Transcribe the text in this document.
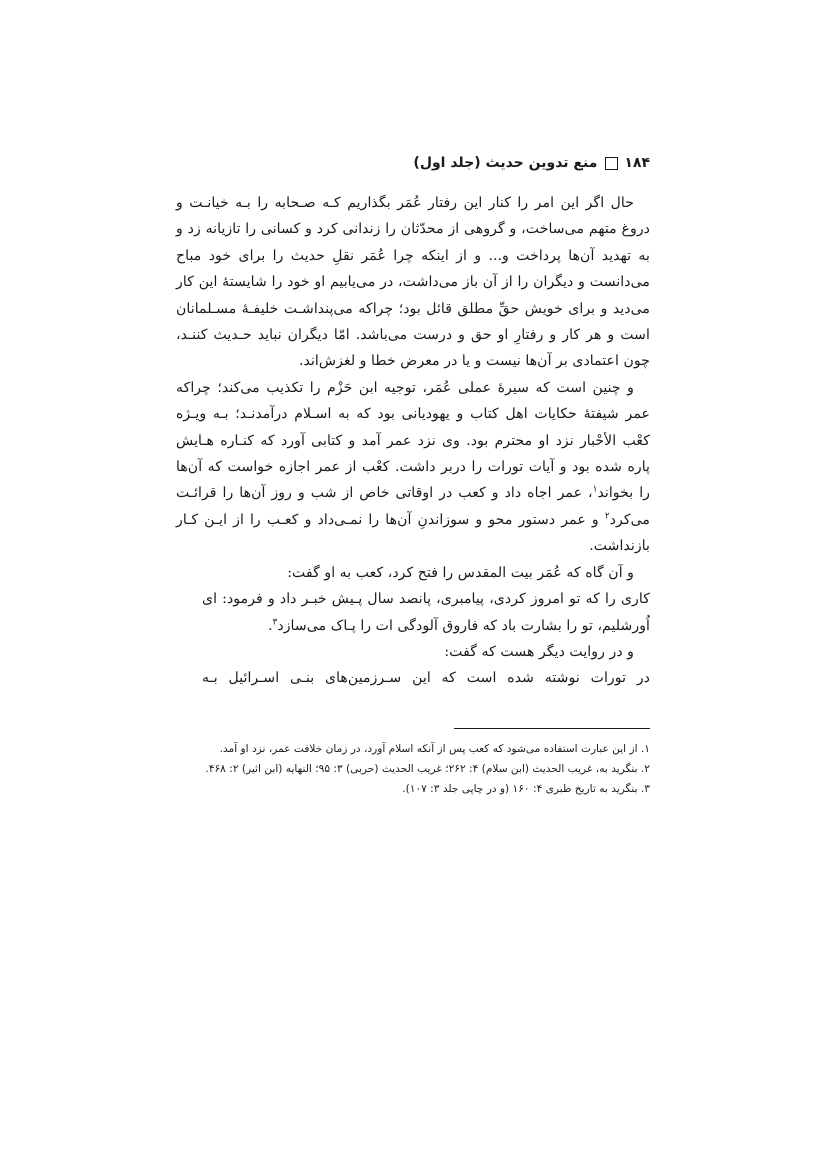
۱۸۴
منع تدوین حدیث (جلد اول)

حال اگر این امر را کنار این رفتار عُمَر بگذاریم کـه صـحابه را بـه خیانـت و دروغ متهم می‌ساخت، و گروهی از محدّثان را زندانی کرد و کسانی را تازیانه زد و به تهدید آن‌ها پرداخت و... و از اینکه چرا عُمَر نقلِ حدیث را برای خود مباح می‌دانست و دیگران را از آن باز می‌داشت، در می‌یابیم او خود را شایستهٔ این کار می‌دید و برای خویش حقِّ مطلق قائل بود؛ چراکه می‌پنداشـت خلیفـهٔ مسـلمانان است و هر کار و رفتارِ او حق و درست می‌باشد. امّا دیگران نباید حـدیث کننـد، چون اعتمادی بر آن‌ها نیست و یا در معرض خطا و لغزش‌اند.

و چنین است که سیرهٔ عملی عُمَر، توجیه ابن حَزْم را تکذیب می‌کند؛ چراکه عمر شیفتهٔ حکایات اهل کتاب و یهودیانی بود که به اسـلام درآمدنـد؛ بـه ویـژه کعْب الأحْبار نزد او محترم بود. وی نزد عمر آمد و کتابی آورد که کنـاره هـایش پاره شده بود و آیات تورات را دربر داشت. کعْب از عمر اجازه خواست که آن‌ها را بخواند$^۱$، عمر اجاه داد و کعب در اوقاتی خاص از شب و روز آن‌ها را قرائـت می‌کرد$^۲$ و عمر دستور محو و سوزاندنِ آن‌ها را نمـی‌داد و کعـب را از ایـن کـار بازنداشت.

و آن گاه که عُمَر بیت المقدس را فتح کرد، کعب به او گفت:

کاری را که تو امروز کردی، پیامبری، پانصد سال پـیش خبـر داد و فرمود: ای اُورشلیم، تو را بشارت باد که فاروق آلودگی ات را پـاک می‌سازد$^۳$.

و در روایت دیگر هست که گفت:

در تورات نوشته شده است که این سـرزمین‌های بنـی اسـرائیل بـه

۱. از این عبارت استفاده می‌شود که کعب پس از آنکه اسلام آورد، در زمان خلافت عمر، نزد او آمد.

۲. بنگرید به، غریب الحدیث (ابن سلام) ۴: ۲۶۲؛ غریب الحدیث (حربی) ۳: ۹۵؛ النهایه (ابن اثیر) ۲: ۴۶۸.

۳. بنگرید به تاریخ طبری ۴: ۱۶۰ (و در چاپی جلد ۳: ۱۰۷).
